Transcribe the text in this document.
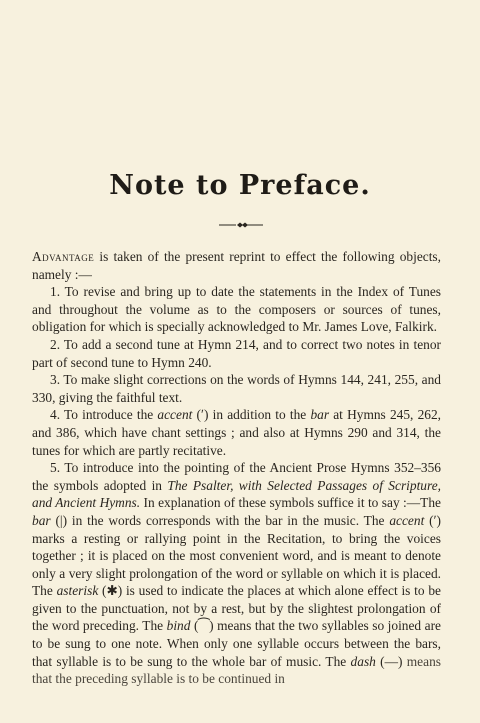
Note to Preface.

Advantage is taken of the present reprint to effect the following objects, namely :—

1. To revise and bring up to date the statements in the Index of Tunes and throughout the volume as to the composers or sources of tunes, obligation for which is specially acknowledged to Mr. James Love, Falkirk.

2. To add a second tune at Hymn 214, and to correct two notes in tenor part of second tune to Hymn 240.

3. To make slight corrections on the words of Hymns 144, 241, 255, and 330, giving the faithful text.

4. To introduce the accent (ʹ) in addition to the bar at Hymns 245, 262, and 386, which have chant settings ; and also at Hymns 290 and 314, the tunes for which are partly recitative.

5. To introduce into the pointing of the Ancient Prose Hymns 352–356 the symbols adopted in The Psalter, with Selected Passages of Scripture, and Ancient Hymns. In explanation of these symbols suffice it to say :—The bar (|) in the words corresponds with the bar in the music. The accent (ʹ) marks a resting or rallying point in the Recitation, to bring the voices together ; it is placed on the most convenient word, and is meant to denote only a very slight prolongation of the word or syllable on which it is placed. The asterisk (✱) is used to indicate the places at which alone effect is to be given to the punctuation, not by a rest, but by the slightest prolongation of the word preceding. The bind (⁀) means that the two syllables so joined are to be sung to one note. When only one syllable occurs between the bars, that syllable is to be sung to the whole bar of music. The dash (—) means that the preceding syllable is to be continued in
